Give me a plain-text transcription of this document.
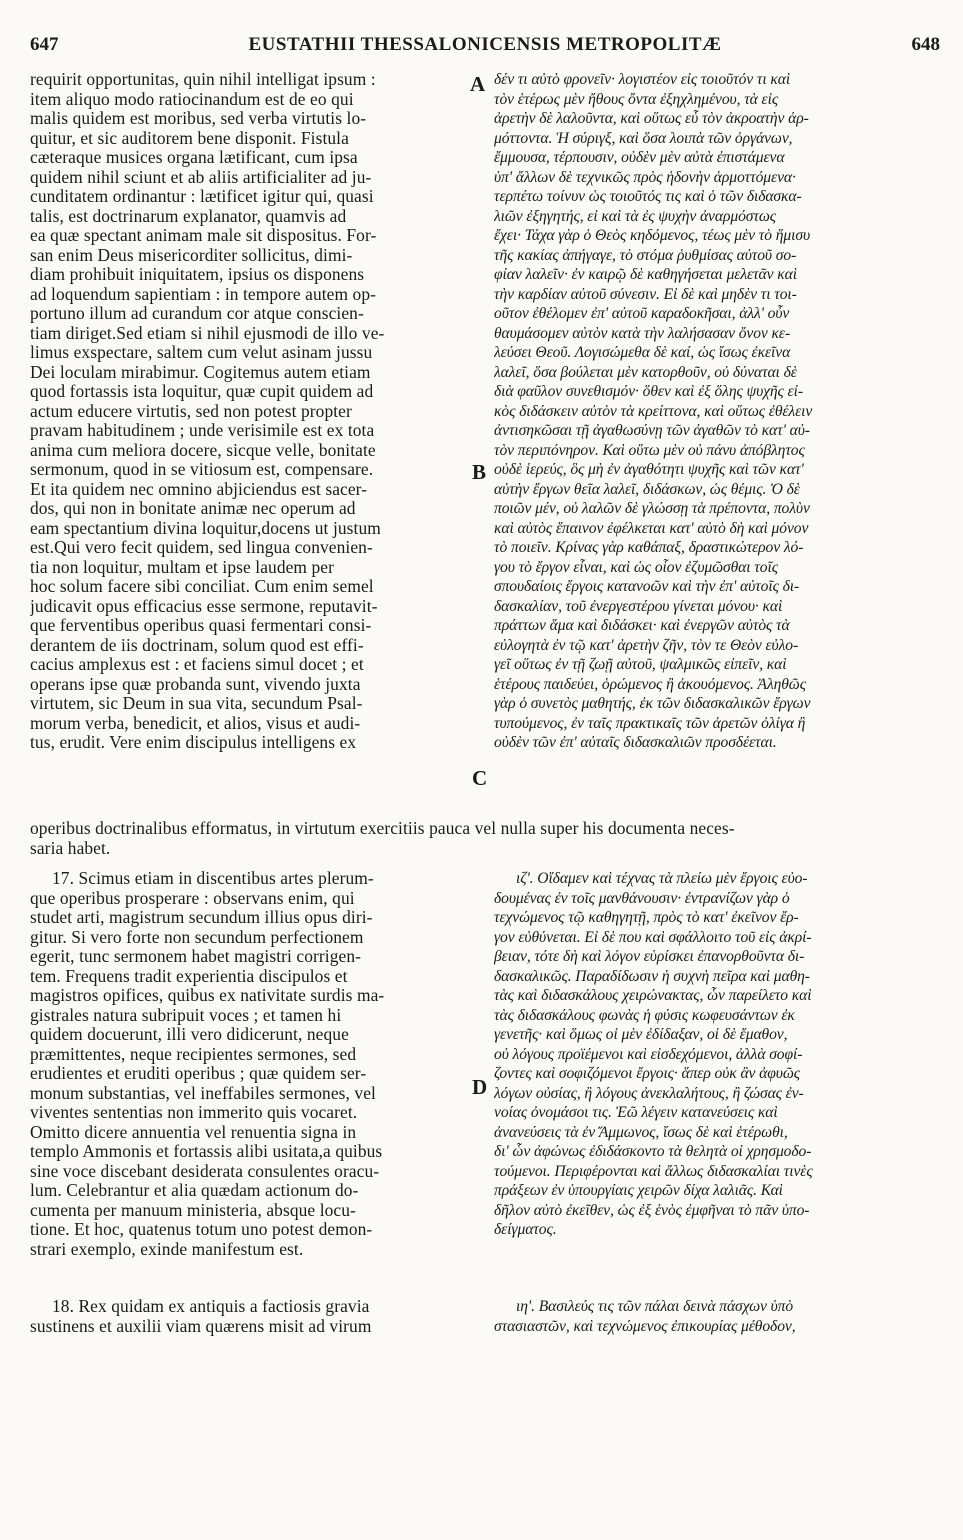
647	EUSTATHII THESSALONICENSIS METROPOLITÆ	648

requirit opportunitas, quin nihil intelligat ipsum :
item aliquo modo ratiocinandum est de eo qui
malis quidem est moribus, sed verba virtutis lo-
quitur, et sic auditorem bene disponit. Fistula
cæteraque musices organa lætificant, cum ipsa
quidem nihil sciunt et ab aliis artificialiter ad ju-
cunditatem ordinantur : lætificet igitur qui, quasi
talis, est doctrinarum explanator, quamvis ad
ea quæ spectant animam male sit dispositus. For-
san enim Deus misericorditer sollicitus, dimi-
diam prohibuit iniquitatem, ipsius os disponens
ad loquendum sapientiam : in tempore autem op-
portuno illum ad curandum cor atque conscien-
tiam diriget.Sed etiam si nihil ejusmodi de illo ve-
limus exspectare, saltem cum velut asinam jussu
Dei loculam mirabimur. Cogitemus autem etiam
quod fortassis ista loquitur, quæ cupit quidem ad
actum educere virtutis, sed non potest propter
pravam habitudinem ; unde verisimile est ex tota
anima cum meliora docere, sicque velle, bonitate
sermonum, quod in se vitiosum est, compensare.
Et ita quidem nec omnino abjiciendus est sacer-
dos, qui non in bonitate animæ nec operum ad
eam spectantium divina loquitur,docens ut justum
est.Qui vero fecit quidem, sed lingua convenien-
tia non loquitur, multam et ipse laudem per
hoc solum facere sibi conciliat. Cum enim semel
judicavit opus efficacius esse sermone, reputavit-
que ferventibus operibus quasi fermentari consi-
derantem de iis doctrinam, solum quod est effi-
cacius amplexus est : et faciens simul docet ; et
operans ipse quæ probanda sunt, vivendo juxta
virtutem, sic Deum in sua vita, secundum Psal-
morum verba, benedicit, et alios, visus et audi-
tus, erudit. Vere enim discipulus intelligens ex

δέν τι αὐτὸ φρονεῖν· λογιστέον εἰς τοιοῦτόν τι καὶ
τὸν ἑτέρως μὲν ἤθους ὄντα ἐξηχλημένου, τὰ εἰς
ἀρετὴν δὲ λαλοῦντα, καὶ οὕτως εὖ τὸν ἀκροατὴν ἁρ-
μόττοντα. Ἡ σύριγξ, καὶ ὅσα λοιπὰ τῶν ὀργάνων,
ἔμμουσα, τέρπουσιν, οὐδὲν μὲν αὐτὰ ἐπιστάμενα
ὑπ' ἄλλων δὲ τεχνικῶς πρὸς ἡδονὴν ἁρμοττόμενα·
τερπέτω τοίνυν ὡς τοιοῦτός τις καὶ ὁ τῶν διδασκα-
λιῶν ἐξηγητής, εἰ καὶ τὰ ἐς ψυχὴν ἀναρμόστως
ἔχει· Τάχα γὰρ ὁ Θεὸς κηδόμενος, τέως μὲν τὸ ἥμισυ
τῆς κακίας ἀπήγαγε, τὸ στόμα ῥυθμίσας αὐτοῦ σο-
φίαν λαλεῖν· ἐν καιρῷ δὲ καθηγήσεται μελετᾶν καὶ
τὴν καρδίαν αὐτοῦ σύνεσιν. Εἰ δὲ καὶ μηδὲν τι τοι-
οῦτον ἐθέλομεν ἐπ' αὐτοῦ καραδοκῆσαι, ἀλλ' οὖν
θαυμάσομεν αὐτὸν κατὰ τὴν λαλήσασαν ὄνον κε-
λεύσει Θεοῦ. Λογισώμεθα δὲ καί, ὡς ἴσως ἐκεῖνα
λαλεῖ, ὅσα βούλεται μὲν κατορθοῦν, οὐ δύναται δὲ
διὰ φαῦλον συνεθισμόν· ὅθεν καὶ ἐξ ὅλης ψυχῆς εἰ-
κὸς διδάσκειν αὐτὸν τὰ κρείττονα, καὶ οὕτως ἐθέλειν
ἀντισηκῶσαι τῇ ἀγαθωσύνῃ τῶν ἀγαθῶν τὸ κατ' αὐ-
τὸν περιπόνηρον. Καὶ οὕτω μὲν οὐ πάνυ ἀπόβλητος
οὐδὲ ἱερεύς, ὃς μὴ ἐν ἀγαθότητι ψυχῆς καὶ τῶν κατ'
αὐτὴν ἔργων θεῖα λαλεῖ, διδάσκων, ὡς θέμις. Ὁ δὲ
ποιῶν μέν, οὐ λαλῶν δὲ γλώσσῃ τὰ πρέποντα, πολὺν
καὶ αὐτὸς ἔπαινον ἐφέλκεται κατ' αὐτὸ δὴ καὶ μόνον
τὸ ποιεῖν. Κρίνας γὰρ καθάπαξ, δραστικώτερον λό-
γου τὸ ἔργον εἶναι, καὶ ὡς οἷον ἐζυμῶσθαι τοῖς
σπουδαίοις ἔργοις κατανοῶν καὶ τὴν ἐπ' αὐτοῖς δι-
δασκαλίαν, τοῦ ἐνεργεστέρου γίνεται μόνου· καὶ
πράττων ἅμα καὶ διδάσκει· καὶ ἐνεργῶν αὐτὸς τὰ
εὐλογητὰ ἐν τῷ κατ' ἀρετὴν ζῆν, τὸν τε Θεὸν εὐλο-
γεῖ οὕτως ἐν τῇ ζωῇ αὐτοῦ, ψαλμικῶς εἰπεῖν, καὶ
ἑτέρους παιδεύει, ὁρώμενος ἢ ἀκουόμενος. Ἀληθῶς
γὰρ ὁ συνετὸς μαθητής, ἐκ τῶν διδασκαλικῶν ἔργων
τυπούμενος, ἐν ταῖς πρακτικαῖς τῶν ἀρετῶν ὀλίγα ἢ
οὐδὲν τῶν ἐπ' αὐταῖς διδασκαλιῶν προσδέεται.

A
B
C

operibus doctrinalibus efformatus, in virtutum exercitiis pauca vel nulla super his documenta neces-
saria habet.

17. Scimus etiam in discentibus artes plerum-
que operibus prosperare : observans enim, qui
studet arti, magistrum secundum illius opus diri-
gitur. Si vero forte non secundum perfectionem
egerit, tunc sermonem habet magistri corrigen-
tem. Frequens tradit experientia discipulos et
magistros opifices, quibus ex nativitate surdis ma-
gistrales natura subripuit voces ; et tamen hi
quidem docuerunt, illi vero didicerunt, neque
præmittentes, neque recipientes sermones, sed
erudientes et eruditi operibus ; quæ quidem ser-
monum substantias, vel ineffabiles sermones, vel
viventes sententias non immerito quis vocaret.
Omitto dicere annuentia vel renuentia signa in
templo Ammonis et fortassis alibi usitata,a quibus
sine voce discebant desiderata consulentes oracu-
lum. Celebrantur et alia quædam actionum do-
cumenta per manuum ministeria, absque locu-
tione. Et hoc, quatenus totum uno potest demon-
strari exemplo, exinde manifestum est.

ιζ'. Οἴδαμεν καὶ τέχνας τὰ πλείω μὲν ἔργοις εὐο-
δουμένας ἐν τοῖς μανθάνουσιν· ἐντρανίζων γὰρ ὁ
τεχνώμενος τῷ καθηγητῇ, πρὸς τὸ κατ' ἐκεῖνον ἔρ-
γον εὐθύνεται. Εἰ δὲ που καὶ σφάλλοιτο τοῦ εἰς ἀκρί-
βειαν, τότε δὴ καὶ λόγον εὑρίσκει ἐπανορθοῦντα δι-
δασκαλικῶς. Παραδίδωσιν ἡ συχνὴ πεῖρα καὶ μαθη-
τὰς καὶ διδασκάλους χειρώνακτας, ὧν παρείλετο καὶ
τὰς διδασκάλους φωνὰς ἡ φύσις κωφευσάντων ἐκ
γενετῆς· καὶ ὅμως οἱ μὲν ἐδίδαξαν, οἱ δὲ ἔμαθον,
οὐ λόγους προϊέμενοι καὶ εἰσδεχόμενοι, ἀλλὰ σοφί-
ζοντες καὶ σοφιζόμενοι ἔργοις· ἅπερ οὐκ ἂν ἀφυῶς
λόγων οὐσίας, ἢ λόγους ἀνεκλαλήτους, ἢ ζώσας ἐν-
νοίας ὀνομάσοι τις. Ἐῶ λέγειν κατανεύσεις καὶ
ἀνανεύσεις τὰ ἐν Ἄμμωνος, ἴσως δὲ καὶ ἑτέρωθι,
δι' ὧν ἀφώνως ἐδιδάσκοντο τὰ θελητὰ οἱ χρησμοδο-
τούμενοι. Περιφέρονται καὶ ἄλλως διδασκαλίαι τινὲς
πράξεων ἐν ὑπουργίαις χειρῶν δίχα λαλιᾶς. Καὶ
δῆλον αὐτὸ ἐκεῖθεν, ὡς ἐξ ἑνὸς ἐμφῆναι τὸ πᾶν ὑπο-
δείγματος.

D

18. Rex quidam ex antiquis a factiosis gravia
sustinens et auxilii viam quærens misit ad virum

ιη'. Βασιλεύς τις τῶν πάλαι δεινὰ πάσχων ὑπὸ
στασιαστῶν, καὶ τεχνώμενος ἐπικουρίας μέθοδον,
